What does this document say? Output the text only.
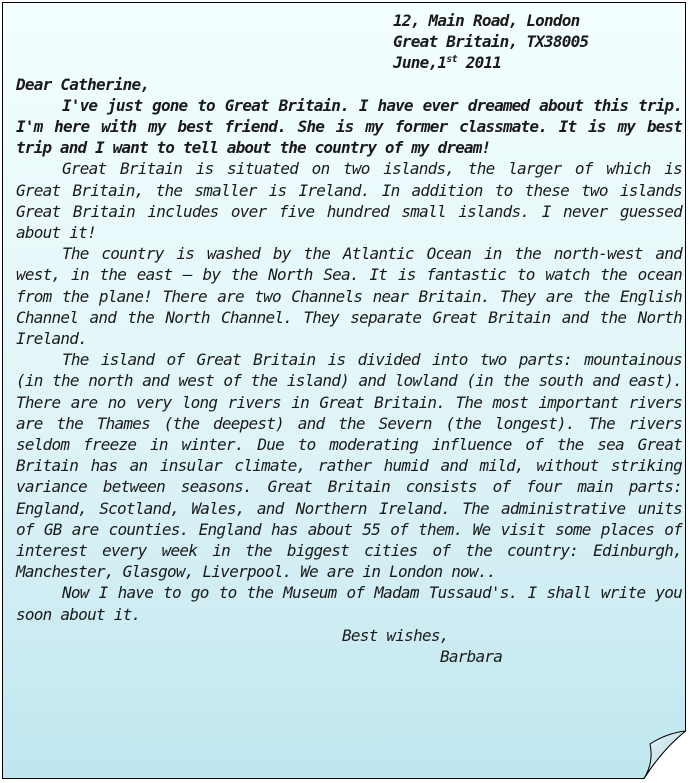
12, Main Road, London
Great Britain, TX38005
June,1st 2011
Dear Catherine,

I've just gone to Great Britain. I have ever dreamed about this trip. I'm here with my best friend. She is my former classmate. It is my best trip and I want to tell about the country of my dream!

Great Britain is situated on two islands, the larger of which is Great Britain, the smaller is Ireland. In addition to these two islands Great Britain includes over five hundred small islands. I never guessed about it!

The country is washed by the Atlantic Ocean in the north-west and west, in the east — by the North Sea. It is fantastic to watch the ocean from the plane! There are two Channels near Britain. They are the English Channel and the North Channel. They separate Great Britain and the North Ireland.

The island of Great Britain is divided into two parts: mountainous (in the north and west of the island) and lowland (in the south and east). There are no very long rivers in Great Britain. The most important rivers are the Thames (the deepest) and the Severn (the longest). The rivers seldom freeze in winter. Due to moderating influence of the sea Great Britain has an insular climate, rather humid and mild, without striking variance between seasons. Great Britain consists of four main parts: England, Scotland, Wales, and Northern Ireland. The administrative units of GB are counties. England has about 55 of them. We visit some places of interest every week in the biggest cities of the country: Edinburgh, Manchester, Glasgow, Liverpool. We are in London now..

Now I have to go to the Museum of Madam Tussaud's. I shall write you soon about it.

Best wishes,
Barbara
